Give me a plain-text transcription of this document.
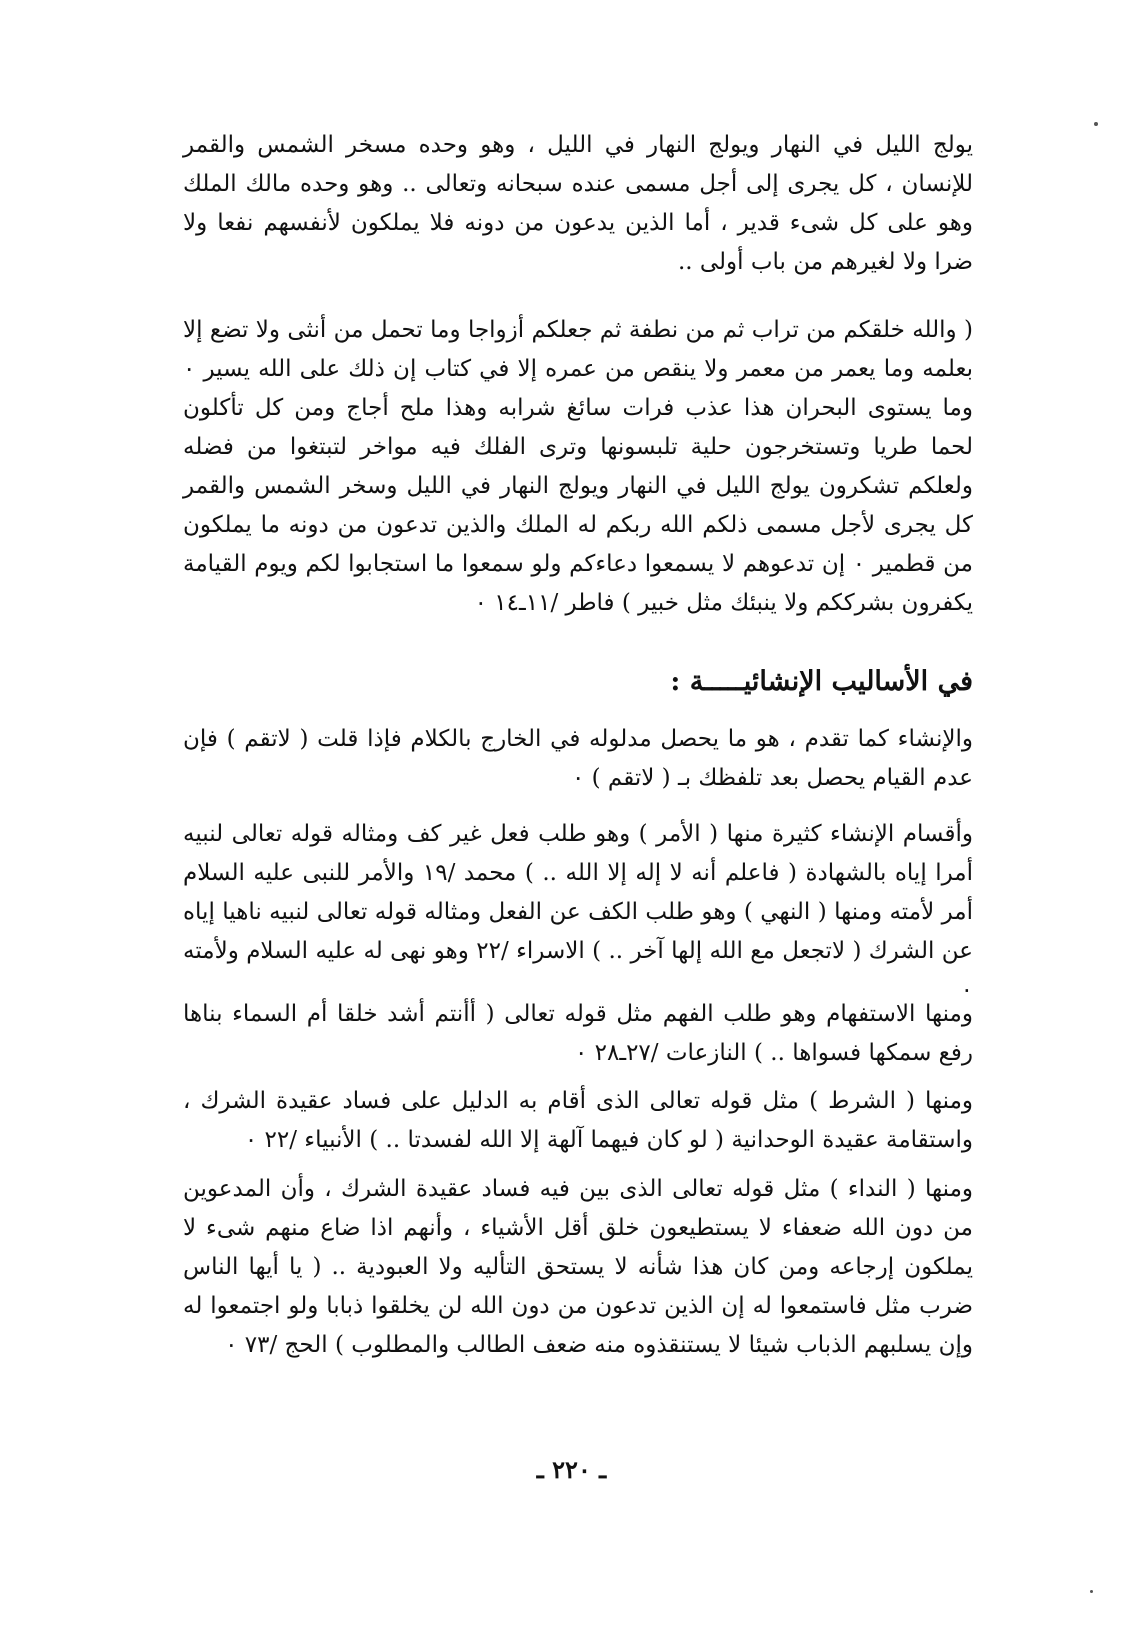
يولج الليل في النهار ويولج النهار في الليل ، وهو وحده مسخر الشمس والقمر للإنسان ، كل يجرى إلى أجل مسمى عنده سبحانه وتعالى .. وهو وحده مالك الملك وهو على كل شىء قدير ، أما الذين يدعون من دونه فلا يملكون لأنفسهم نفعا ولا ضرا ولا لغيرهم من باب أولى ..

( والله خلقكم من تراب ثم من نطفة ثم جعلكم أزواجا وما تحمل من أنثى ولا تضع إلا بعلمه وما يعمر من معمر ولا ينقص من عمره إلا في كتاب إن ذلك على الله يسير ۰ وما يستوى البحران هذا عذب فرات سائغ شرابه وهذا ملح أجاج ومن كل تأكلون لحما طريا وتستخرجون حلية تلبسونها وترى الفلك فيه مواخر لتبتغوا من فضله ولعلكم تشكرون يولج الليل في النهار ويولج النهار في الليل وسخر الشمس والقمر كل يجرى لأجل مسمى ذلكم الله ربكم له الملك والذين تدعون من دونه ما يملكون من قطمير ۰ إن تدعوهم لا يسمعوا دعاءكم ولو سمعوا ما استجابوا لكم ويوم القيامة يكفرون بشرككم ولا ينبئك مثل خبير ) فاطر /١١ـ١٤ ۰

في الأساليب الإنشائيـــــة :

والإنشاء كما تقدم ، هو ما يحصل مدلوله في الخارج بالكلام فإذا قلت ( لاتقم ) فإن عدم القيام يحصل بعد تلفظك بـ ( لاتقم ) ۰

وأقسام الإنشاء كثيرة منها ( الأمر ) وهو طلب فعل غير كف ومثاله قوله تعالى لنبيه أمرا إياه بالشهادة ( فاعلم أنه لا إله إلا الله .. ) محمد /١٩ والأمر للنبى عليه السلام أمر لأمته ومنها ( النهي ) وهو طلب الكف عن الفعل ومثاله قوله تعالى لنبيه ناهيا إياه عن الشرك ( لاتجعل مع الله إلها آخر .. ) الاسراء /٢٢ وهو نهى له عليه السلام ولأمته ۰

ومنها الاستفهام وهو طلب الفهم مثل قوله تعالى ( أأنتم أشد خلقا أم السماء بناها رفع سمكها فسواها .. ) النازعات /٢٧ـ٢٨ ۰

ومنها ( الشرط ) مثل قوله تعالى الذى أقام به الدليل على فساد عقيدة الشرك ، واستقامة عقيدة الوحدانية ( لو كان فيهما آلهة إلا الله لفسدتا .. ) الأنبياء /٢٢ ۰

ومنها ( النداء ) مثل قوله تعالى الذى بين فيه فساد عقيدة الشرك ، وأن المدعوين من دون الله ضعفاء لا يستطيعون خلق أقل الأشياء ، وأنهم اذا ضاع منهم شىء لا يملكون إرجاعه ومن كان هذا شأنه لا يستحق التأليه ولا العبودية .. ( يا أيها الناس ضرب مثل فاستمعوا له إن الذين تدعون من دون الله لن يخلقوا ذبابا ولو اجتمعوا له وإن يسلبهم الذباب شيئا لا يستنقذوه منه ضعف الطالب والمطلوب ) الحج /٧٣ ۰

ـ ٢٢٠ ـ
